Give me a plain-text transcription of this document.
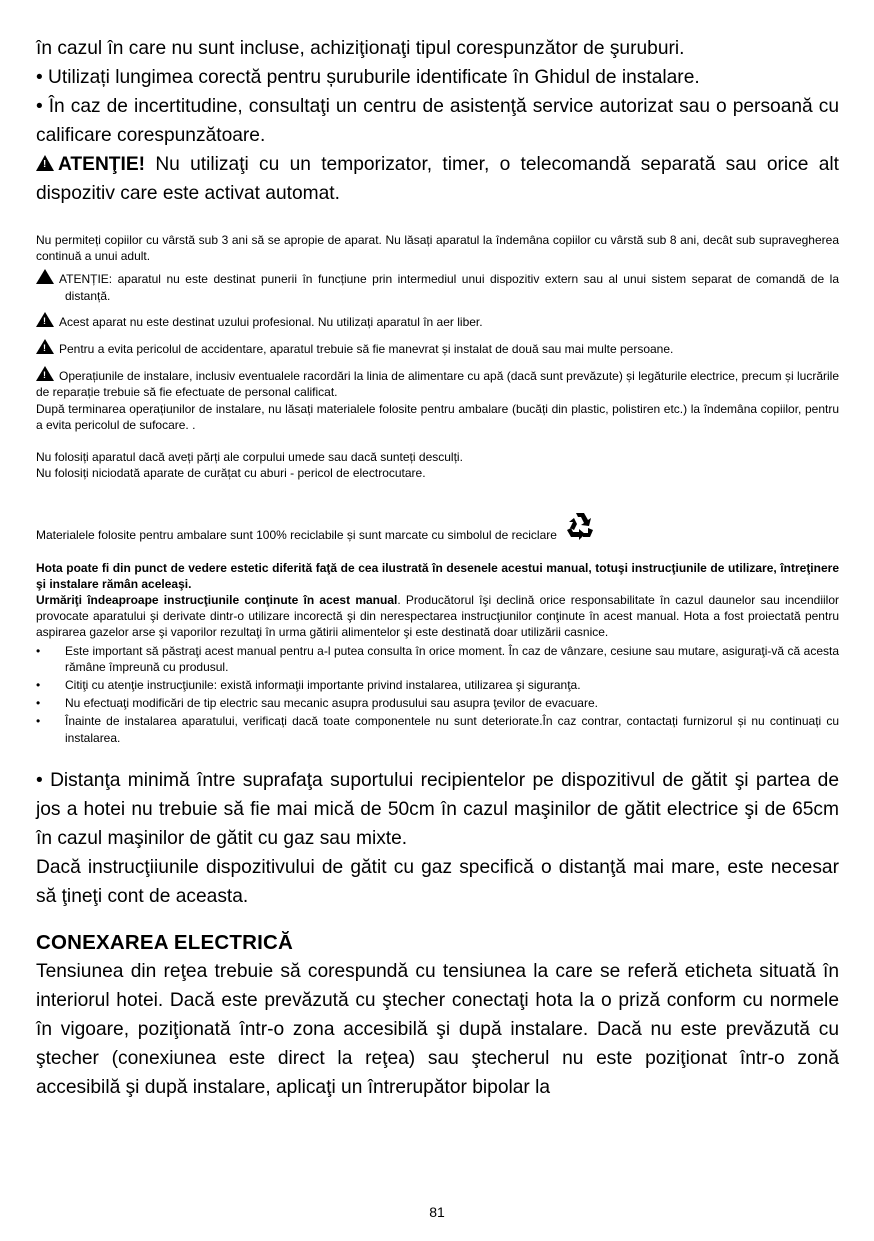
în cazul în care nu sunt incluse, achiziţionaţi tipul corespunzător de şuruburi.
• Utilizați lungimea corectă pentru șuruburile identificate în Ghidul de instalare.

• În caz de incertitudine, consultaţi un centru de asistenţă service autorizat sau o persoană cu calificare corespunzătoare.

!ATENŢIE! Nu utilizaţi cu un temporizator, timer, o telecomandă separată sau orice alt dispozitiv care este activat automat.

Nu permiteți copiilor cu vârstă sub 3 ani să se apropie de aparat. Nu lăsați aparatul la îndemâna copiilor cu vârstă sub 8 ani, decât sub supravegherea continuă a unui adult.

!ATENȚIE: aparatul nu este destinat punerii în funcțiune prin intermediul unui dispozitiv extern sau al unui sistem separat de comandă de la distanță.

!Acest aparat nu este destinat uzului profesional. Nu utilizați aparatul în aer liber.

!Pentru a evita pericolul de accidentare, aparatul trebuie să fie manevrat și instalat de două sau mai multe persoane.

!Operațiunile de instalare, inclusiv eventualele racordări la linia de alimentare cu apă (dacă sunt prevăzute) și legăturile electrice, precum și lucrările de reparație trebuie să fie efectuate de personal calificat.

După terminarea operațiunilor de instalare, nu lăsați materialele folosite pentru ambalare (bucăți din plastic, polistiren etc.) la îndemâna copiilor, pentru a evita pericolul de sufocare. .

Nu folosiți aparatul dacă aveți părți ale corpului umede sau dacă sunteți desculți.

Nu folosiți niciodată aparate de curățat cu aburi - pericol de electrocutare.

Materialele folosite pentru ambalare sunt 100% reciclabile și sunt marcate cu simbolul de reciclare

Hota poate fi din punct de vedere estetic diferită faţă de cea ilustrată în desenele acestui manual, totuşi instrucţiunile de utilizare, întreţinere şi instalare rămân aceleaşi.

Urmăriţi îndeaproape instrucţiunile conţinute în acest manual. Producătorul îşi declină orice responsabilitate în cazul daunelor sau incendiilor provocate aparatului şi derivate dintr-o utilizare incorectă şi din nerespectarea instrucţiunilor conţinute în acest manual. Hota a fost proiectată pentru aspirarea gazelor arse şi vaporilor rezultaţi în urma gătirii alimentelor şi este destinată doar utilizării casnice.

• Este important să păstraţi acest manual pentru a-l putea consulta în orice moment. În caz de vânzare, cesiune sau mutare, asiguraţi-vă că acesta rămâne împreună cu produsul.
• Citiţi cu atenţie instrucţiunile: există informaţii importante privind instalarea, utilizarea şi siguranţa.
• Nu efectuaţi modificări de tip electric sau mecanic asupra produsului sau asupra ţevilor de evacuare.
• Înainte de instalarea aparatului, verificați dacă toate componentele nu sunt deteriorate.În caz contrar, contactați furnizorul și nu continuați cu instalarea.

• Distanţa minimă între suprafaţa suportului recipientelor pe dispozitivul de gătit şi partea de jos a hotei nu trebuie să fie mai mică de 50cm în cazul maşinilor de gătit electrice şi de 65cm în cazul maşinilor de gătit cu gaz sau mixte.

Dacă instrucţiiunile dispozitivului de gătit cu gaz specifică o distanţă mai mare, este necesar să ţineţi cont de aceasta.

CONEXAREA ELECTRICĂ

Tensiunea din reţea trebuie să corespundă cu tensiunea la care se referă eticheta situată în interiorul hotei. Dacă este prevăzută cu ştecher conectaţi hota la o priză conform cu normele în vigoare, poziţionată într-o zona accesibilă şi după instalare. Dacă nu este prevăzută cu ştecher (conexiunea este direct la reţea) sau ştecherul nu este poziţionat într-o zonă accesibilă şi după instalare, aplicaţi un întrerupător bipolar la

81
